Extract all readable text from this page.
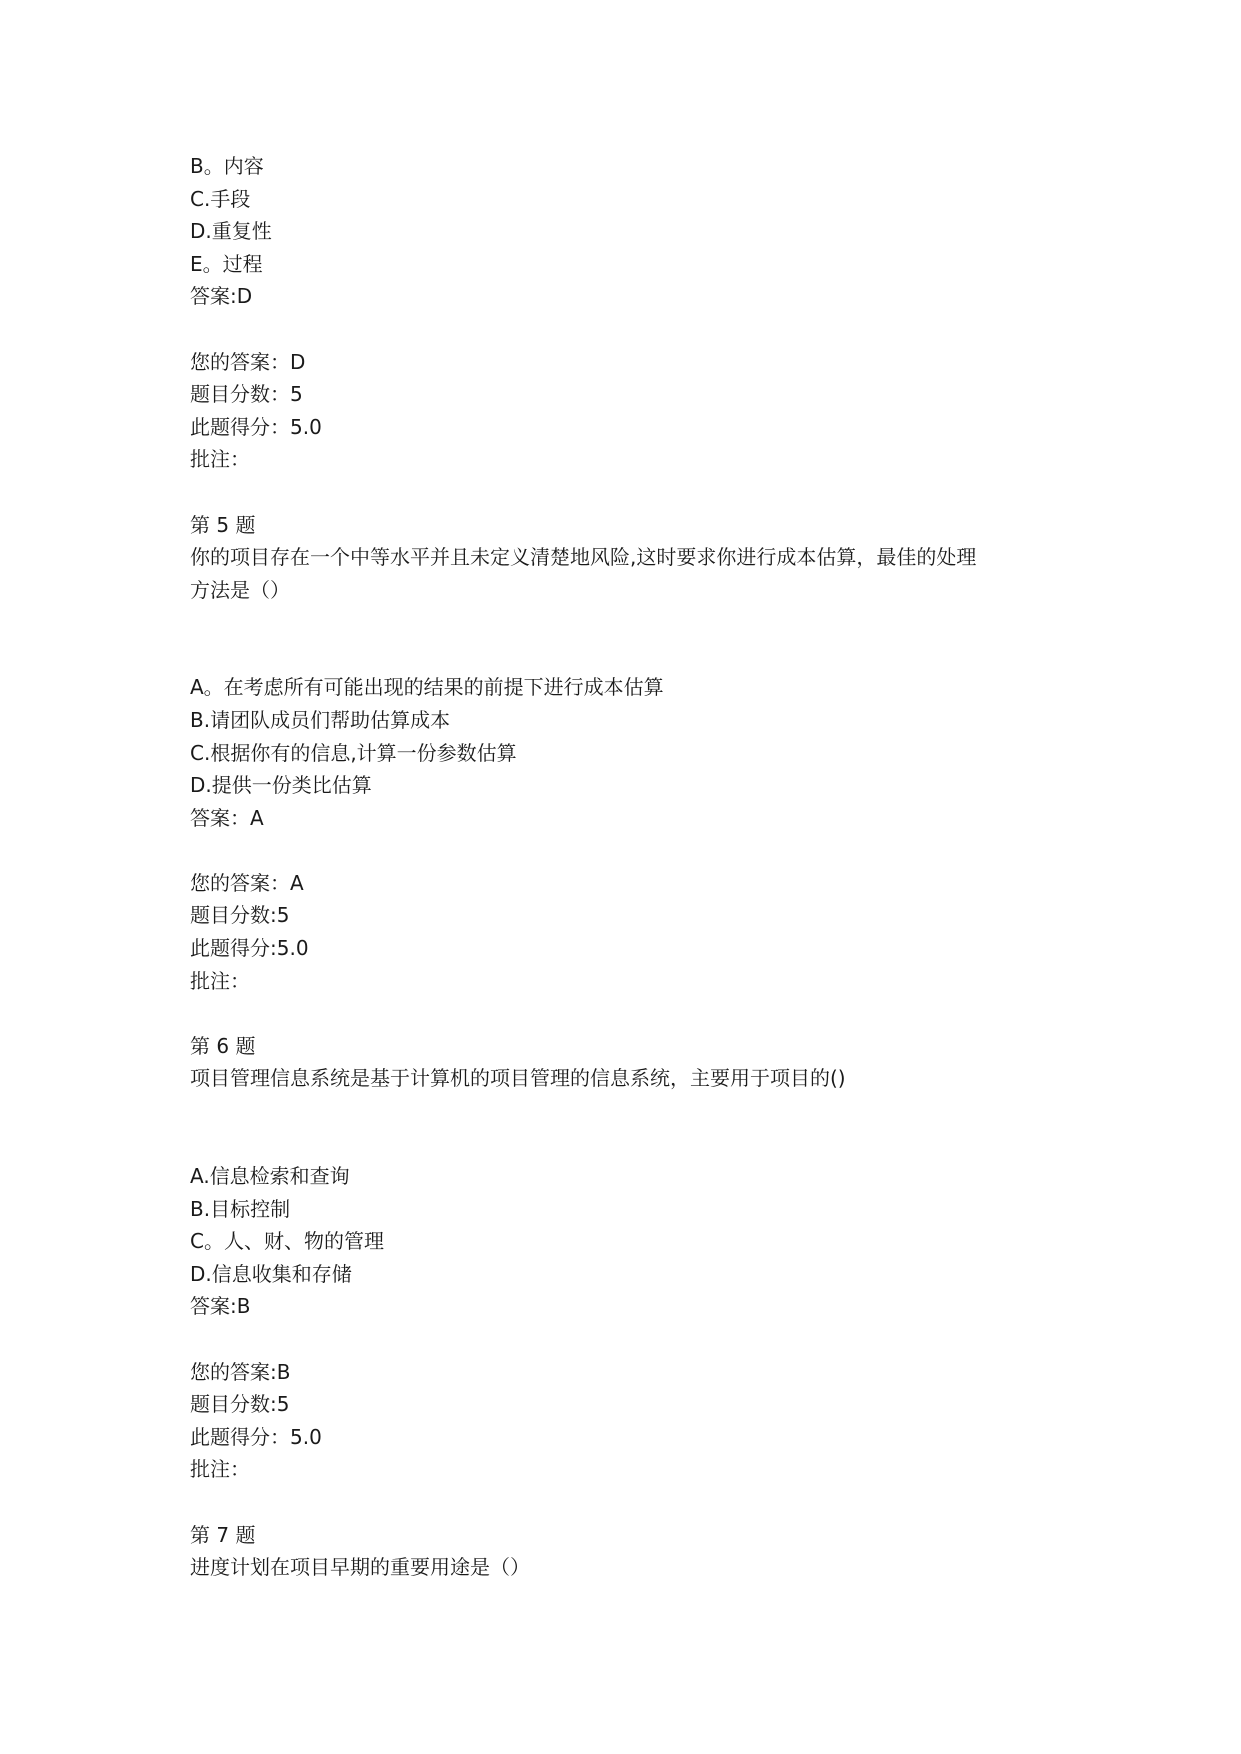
B。内容
C.手段
D.重复性
E。过程
答案:D
您的答案：D
题目分数：5
此题得分：5.0
批注：
第 5 题
你的项目存在一个中等水平并且未定义清楚地风险,这时要求你进行成本估算，最佳的处理
方法是（）
A。在考虑所有可能出现的结果的前提下进行成本估算
B.请团队成员们帮助估算成本
C.根据你有的信息,计算一份参数估算
D.提供一份类比估算
答案：A
您的答案：A
题目分数:5
此题得分:5.0
批注：
第 6 题
项目管理信息系统是基于计算机的项目管理的信息系统，主要用于项目的()
A.信息检索和查询
B.目标控制
C。人、财、物的管理
D.信息收集和存储
答案:B
您的答案:B
题目分数:5
此题得分：5.0
批注：
第 7 题
进度计划在项目早期的重要用途是（）
